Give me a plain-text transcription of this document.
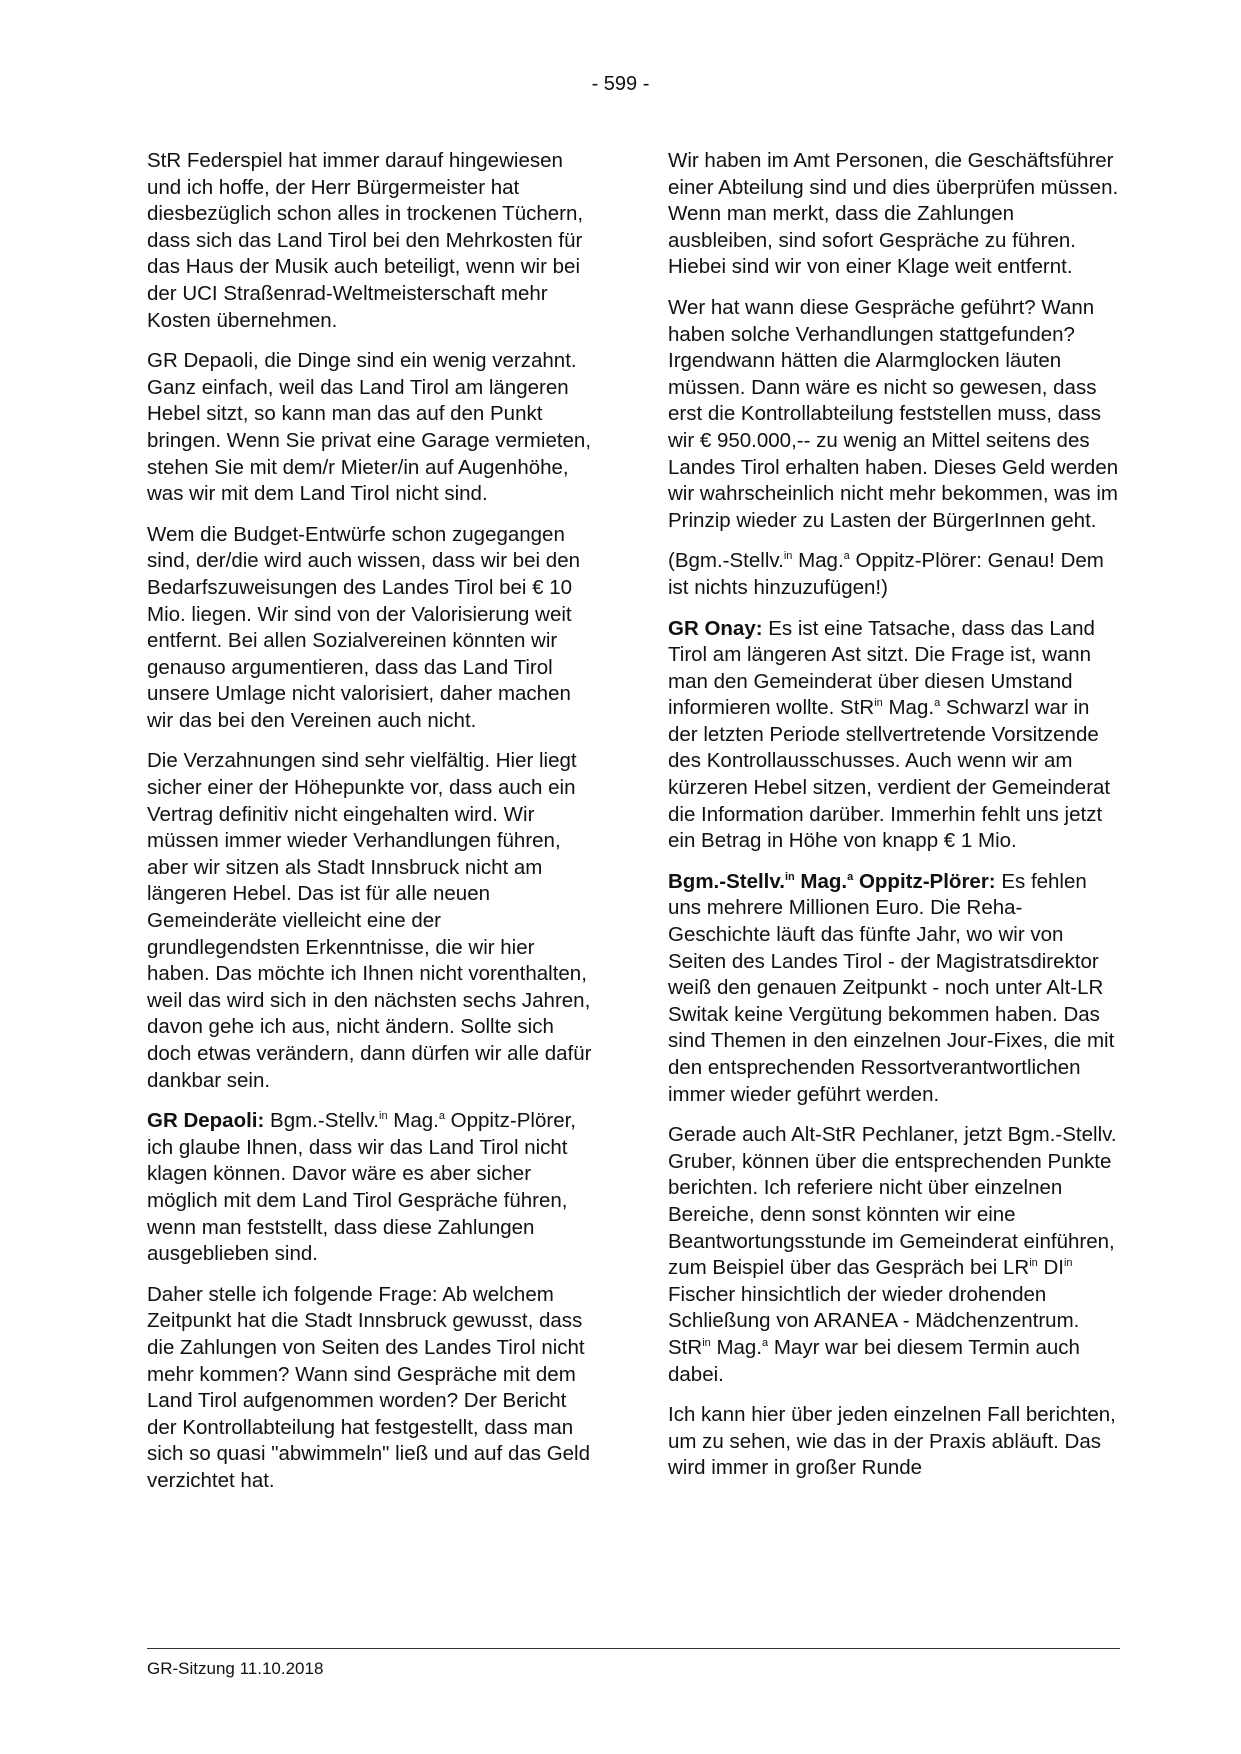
- 599 -

StR Federspiel hat immer darauf hingewiesen und ich hoffe, der Herr Bürgermeister hat diesbezüglich schon alles in trockenen Tüchern, dass sich das Land Tirol bei den Mehrkosten für das Haus der Musik auch beteiligt, wenn wir bei der UCI Straßenrad-Weltmeisterschaft mehr Kosten übernehmen.

GR Depaoli, die Dinge sind ein wenig verzahnt. Ganz einfach, weil das Land Tirol am längeren Hebel sitzt, so kann man das auf den Punkt bringen. Wenn Sie privat eine Garage vermieten, stehen Sie mit dem/r Mieter/in auf Augenhöhe, was wir mit dem Land Tirol nicht sind.

Wem die Budget-Entwürfe schon zugegangen sind, der/die wird auch wissen, dass wir bei den Bedarfszuweisungen des Landes Tirol bei € 10 Mio. liegen. Wir sind von der Valorisierung weit entfernt. Bei allen Sozialvereinen könnten wir genauso argumentieren, dass das Land Tirol unsere Umlage nicht valorisiert, daher machen wir das bei den Vereinen auch nicht.

Die Verzahnungen sind sehr vielfältig. Hier liegt sicher einer der Höhepunkte vor, dass auch ein Vertrag definitiv nicht eingehalten wird. Wir müssen immer wieder Verhandlungen führen, aber wir sitzen als Stadt Innsbruck nicht am längeren Hebel. Das ist für alle neuen Gemeinderäte vielleicht eine der grundlegendsten Erkenntnisse, die wir hier haben. Das möchte ich Ihnen nicht vorenthalten, weil das wird sich in den nächsten sechs Jahren, davon gehe ich aus, nicht ändern. Sollte sich doch etwas verändern, dann dürfen wir alle dafür dankbar sein.

GR Depaoli: Bgm.-Stellv.$^{in}$ Mag.$^a$ Oppitz-Plörer, ich glaube Ihnen, dass wir das Land Tirol nicht klagen können. Davor wäre es aber sicher möglich mit dem Land Tirol Gespräche führen, wenn man feststellt, dass diese Zahlungen ausgeblieben sind.

Daher stelle ich folgende Frage: Ab welchem Zeitpunkt hat die Stadt Innsbruck gewusst, dass die Zahlungen von Seiten des Landes Tirol nicht mehr kommen? Wann sind Gespräche mit dem Land Tirol aufgenommen worden? Der Bericht der Kontrollabteilung hat festgestellt, dass man sich so quasi "abwimmeln" ließ und auf das Geld verzichtet hat.

Wir haben im Amt Personen, die Geschäftsführer einer Abteilung sind und dies überprüfen müssen. Wenn man merkt, dass die Zahlungen ausbleiben, sind sofort Gespräche zu führen. Hiebei sind wir von einer Klage weit entfernt.

Wer hat wann diese Gespräche geführt? Wann haben solche Verhandlungen stattgefunden? Irgendwann hätten die Alarmglocken läuten müssen. Dann wäre es nicht so gewesen, dass erst die Kontrollabteilung feststellen muss, dass wir € 950.000,-- zu wenig an Mittel seitens des Landes Tirol erhalten haben. Dieses Geld werden wir wahrscheinlich nicht mehr bekommen, was im Prinzip wieder zu Lasten der BürgerInnen geht.

(Bgm.-Stellv.$^{in}$ Mag.$^a$ Oppitz-Plörer: Genau! Dem ist nichts hinzuzufügen!)

GR Onay: Es ist eine Tatsache, dass das Land Tirol am längeren Ast sitzt. Die Frage ist, wann man den Gemeinderat über diesen Umstand informieren wollte. StR$^{in}$ Mag.$^a$ Schwarzl war in der letzten Periode stellvertretende Vorsitzende des Kontrollausschusses. Auch wenn wir am kürzeren Hebel sitzen, verdient der Gemeinderat die Information darüber. Immerhin fehlt uns jetzt ein Betrag in Höhe von knapp € 1 Mio.

Bgm.-Stellv.$^{in}$ Mag.$^a$ Oppitz-Plörer: Es fehlen uns mehrere Millionen Euro. Die Reha-Geschichte läuft das fünfte Jahr, wo wir von Seiten des Landes Tirol - der Magistratsdirektor weiß den genauen Zeitpunkt - noch unter Alt-LR Switak keine Vergütung bekommen haben. Das sind Themen in den einzelnen Jour-Fixes, die mit den entsprechenden Ressortverantwortlichen immer wieder geführt werden.

Gerade auch Alt-StR Pechlaner, jetzt Bgm.-Stellv. Gruber, können über die entsprechenden Punkte berichten. Ich referiere nicht über einzelnen Bereiche, denn sonst könnten wir eine Beantwortungsstunde im Gemeinderat einführen, zum Beispiel über das Gespräch bei $LR^{in}$ $DI^{in}$ Fischer hinsichtlich der wieder drohenden Schließung von ARANEA - Mädchenzentrum. StR$^{in}$ Mag.$^a$ Mayr war bei diesem Termin auch dabei.

Ich kann hier über jeden einzelnen Fall berichten, um zu sehen, wie das in der Praxis abläuft. Das wird immer in großer Runde

GR-Sitzung 11.10.2018
